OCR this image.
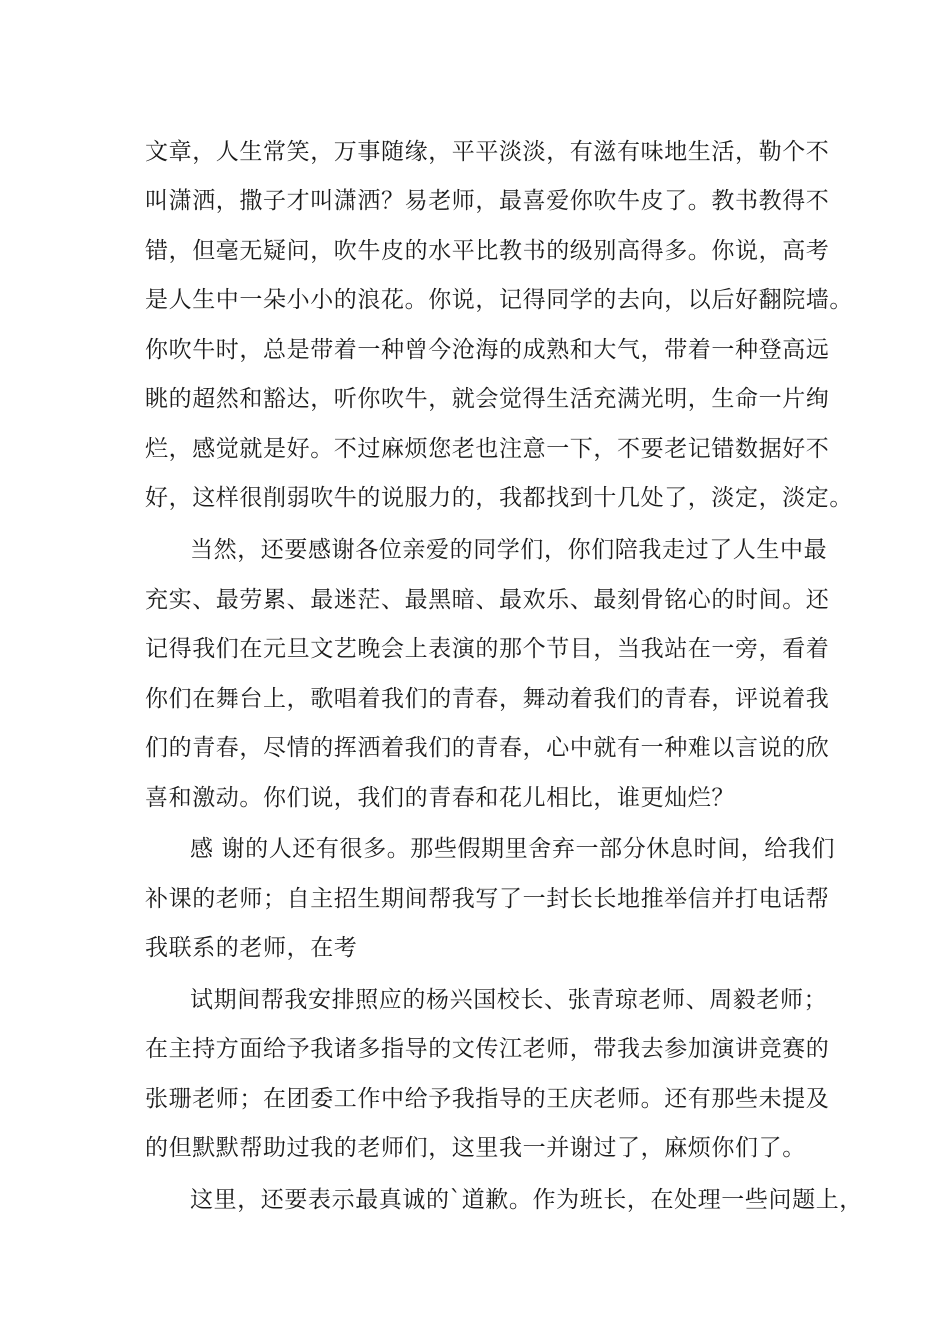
文章，人生常笑，万事随缘，平平淡淡，有滋有味地生活，勒个不

叫潇洒，撒子才叫潇洒？易老师，最喜爱你吹牛皮了。教书教得不

错，但毫无疑问，吹牛皮的水平比教书的级别高得多。你说，高考

是人生中一朵小小的浪花。你说，记得同学的去向，以后好翻院墙。

你吹牛时，总是带着一种曾今沧海的成熟和大气，带着一种登高远

眺的超然和豁达，听你吹牛，就会觉得生活充满光明，生命一片绚

烂，感觉就是好。不过麻烦您老也注意一下，不要老记错数据好不

好，这样很削弱吹牛的说服力的，我都找到十几处了，淡定，淡定。

当然，还要感谢各位亲爱的同学们，你们陪我走过了人生中最

充实、最劳累、最迷茫、最黑暗、最欢乐、最刻骨铭心的时间。还

记得我们在元旦文艺晚会上表演的那个节目，当我站在一旁，看着

你们在舞台上，歌唱着我们的青春，舞动着我们的青春，评说着我

们的青春，尽情的挥洒着我们的青春，心中就有一种难以言说的欣

喜和激动。你们说，我们的青春和花儿相比，谁更灿烂？

感 谢的人还有很多。那些假期里舍弃一部分休息时间，给我们

补课的老师；自主招生期间帮我写了一封长长地推举信并打电话帮

我联系的老师，在考

试期间帮我安排照应的杨兴国校长、张青琼老师、周毅老师；

在主持方面给予我诸多指导的文传江老师，带我去参加演讲竞赛的

张珊老师；在团委工作中给予我指导的王庆老师。还有那些未提及

的但默默帮助过我的老师们，这里我一并谢过了，麻烦你们了。

这里，还要表示最真诚的`道歉。作为班长，在处理一些问题上，
